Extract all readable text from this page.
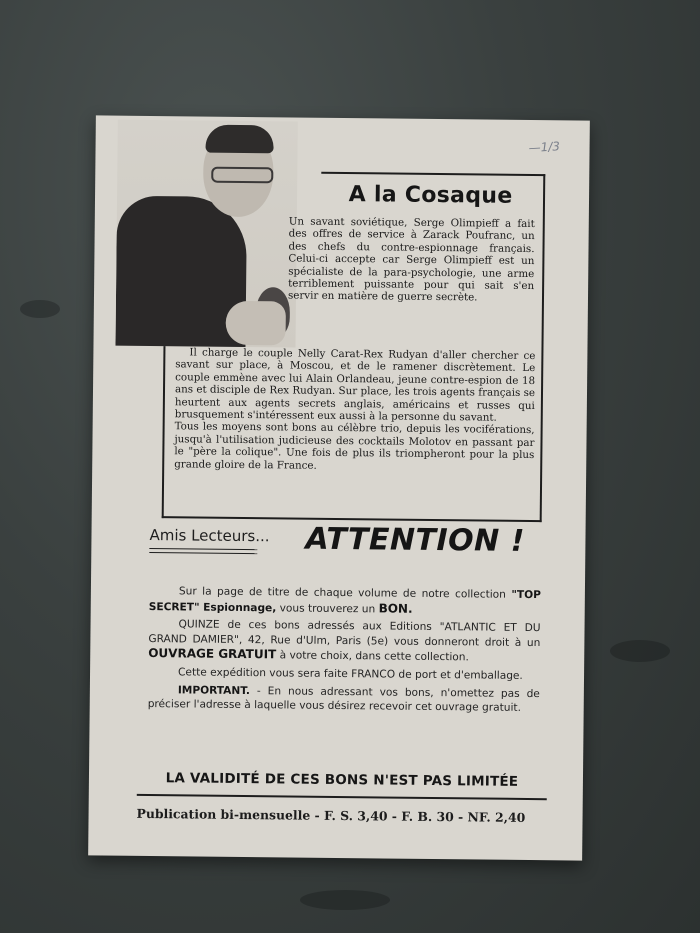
—1/3
A la Cosaque

Un savant soviétique, Serge Olimpieff a fait des offres de service à Zarack Poufranc, un des chefs du contre-espionnage français. Celui-ci accepte car Serge Olimpieff est un spécialiste de la para-psychologie, une arme terriblement puissante pour qui sait s'en servir en matière de guerre secrète.

Il charge le couple Nelly Carat-Rex Rudyan d'aller chercher ce savant sur place, à Moscou, et de le ramener discrètement. Le couple emmène avec lui Alain Orlandeau, jeune contre-espion de 18 ans et disciple de Rex Rudyan. Sur place, les trois agents français se heurtent aux agents secrets anglais, américains et russes qui brusquement s'intéressent eux aussi à la personne du savant.

Tous les moyens sont bons au célèbre trio, depuis les vociférations, jusqu'à l'utilisation judicieuse des cocktails Molotov en passant par le "père la colique". Une fois de plus ils triompheront pour la plus grande gloire de la France.

Amis Lecteurs... ATTENTION !

Sur la page de titre de chaque volume de notre collection "TOP SECRET" Espionnage, vous trouverez un BON.

QUINZE de ces bons adressés aux Editions "ATLANTIC ET DU GRAND DAMIER", 42, Rue d'Ulm, Paris (5e) vous donneront droit à un OUVRAGE GRATUIT à votre choix, dans cette collection.

Cette expédition vous sera faite FRANCO de port et d'emballage.

IMPORTANT. - En nous adressant vos bons, n'omettez pas de préciser l'adresse à laquelle vous désirez recevoir cet ouvrage gratuit.

LA VALIDITÉ DE CES BONS N'EST PAS LIMITÉE
Publication bi-mensuelle - F. S. 3,40 - F. B. 30 - NF. 2,40
